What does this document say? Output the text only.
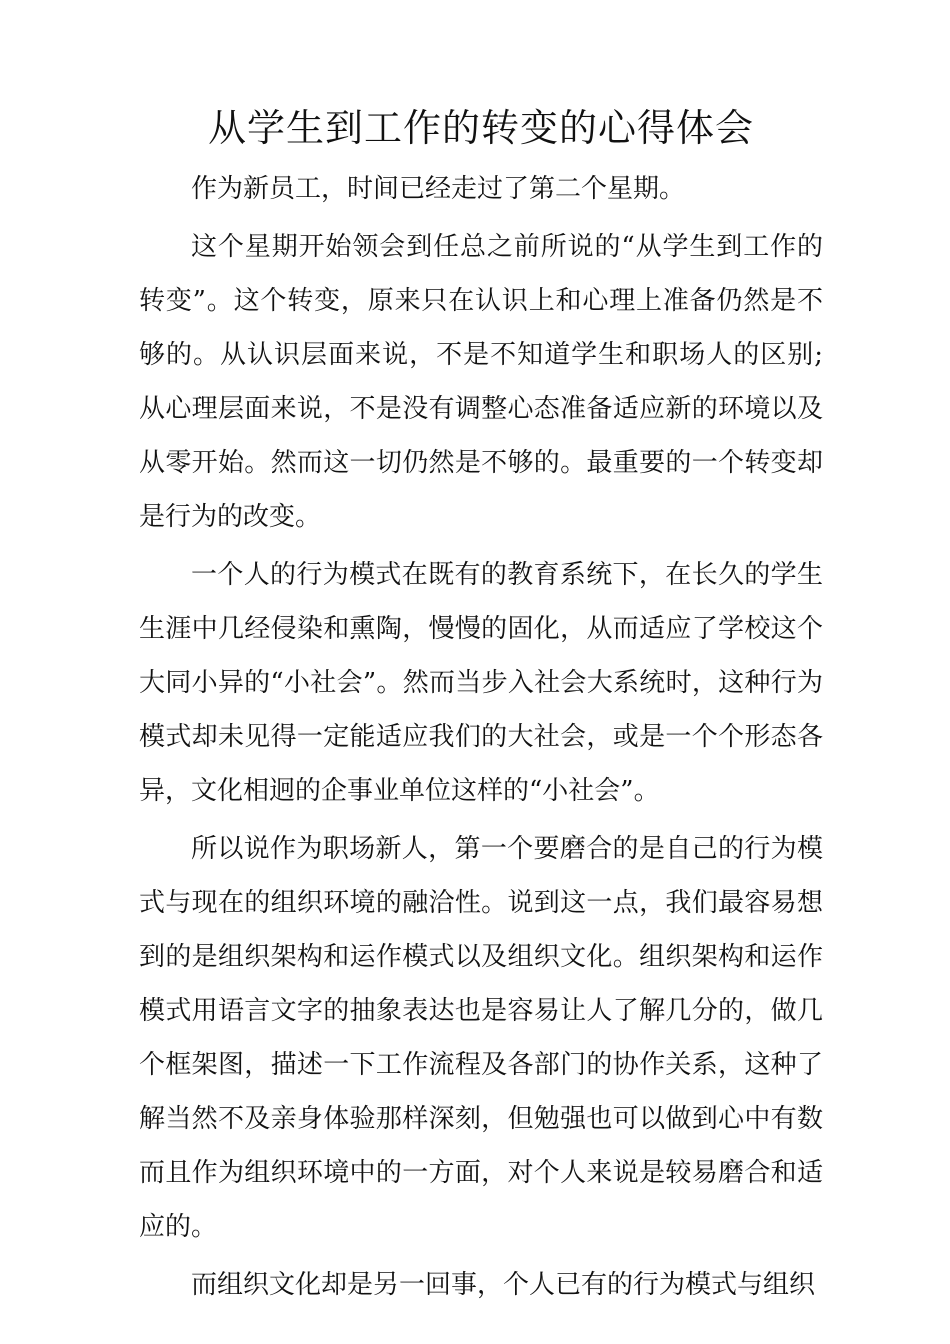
从学生到工作的转变的心得体会

作为新员工，时间已经走过了第二个星期。

这个星期开始领会到任总之前所说的“从学生到工作的转变”。这个转变，原来只在认识上和心理上准备仍然是不够的。从认识层面来说，不是不知道学生和职场人的区别;从心理层面来说，不是没有调整心态准备适应新的环境以及从零开始。然而这一切仍然是不够的。最重要的一个转变却是行为的改变。

一个人的行为模式在既有的教育系统下，在长久的学生生涯中几经侵染和熏陶，慢慢的固化，从而适应了学校这个大同小异的“小社会”。然而当步入社会大系统时，这种行为模式却未见得一定能适应我们的大社会，或是一个个形态各异，文化相迥的企事业单位这样的“小社会”。

所以说作为职场新人，第一个要磨合的是自己的行为模式与现在的组织环境的融洽性。说到这一点，我们最容易想到的是组织架构和运作模式以及组织文化。组织架构和运作模式用语言文字的抽象表达也是容易让人了解几分的，做几个框架图，描述一下工作流程及各部门的协作关系，这种了解当然不及亲身体验那样深刻，但勉强也可以做到心中有数而且作为组织环境中的一方面，对个人来说是较易磨合和适应的。

而组织文化却是另一回事，个人已有的行为模式与组织
